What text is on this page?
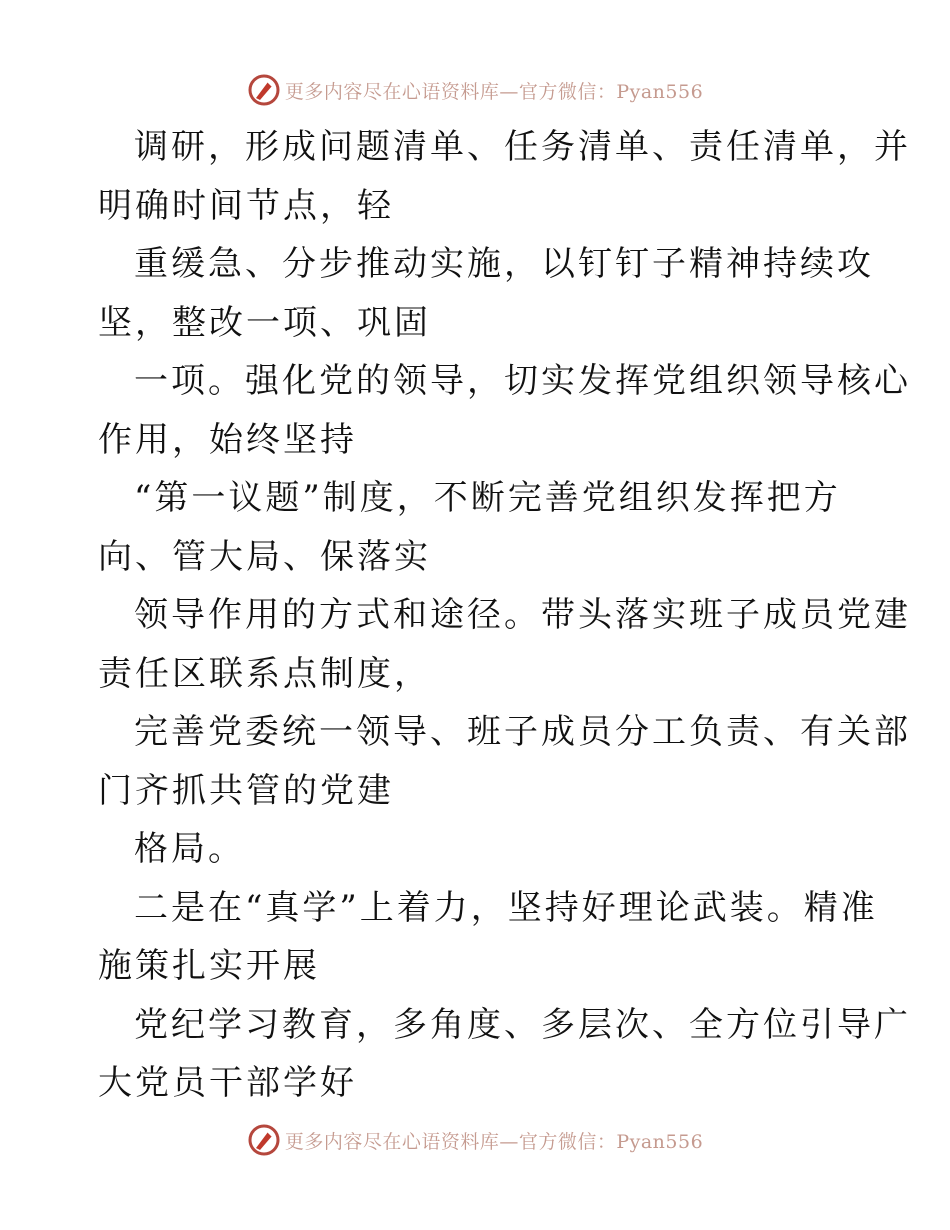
更多内容尽在心语资料库—官方微信：Pyan556
调研，形成问题清单、任务清单、责任清单，并
明确时间节点，轻
重缓急、分步推动实施，以钉钉子精神持续攻
坚，整改一项、巩固
一项。强化党的领导，切实发挥党组织领导核心
作用，始终坚持
“第一议题”制度，不断完善党组织发挥把方
向、管大局、保落实
领导作用的方式和途径。带头落实班子成员党建
责任区联系点制度，
完善党委统一领导、班子成员分工负责、有关部
门齐抓共管的党建
格局。
二是在“真学”上着力，坚持好理论武装。精准
施策扎实开展
党纪学习教育，多角度、多层次、全方位引导广
大党员干部学好
更多内容尽在心语资料库—官方微信：Pyan556
